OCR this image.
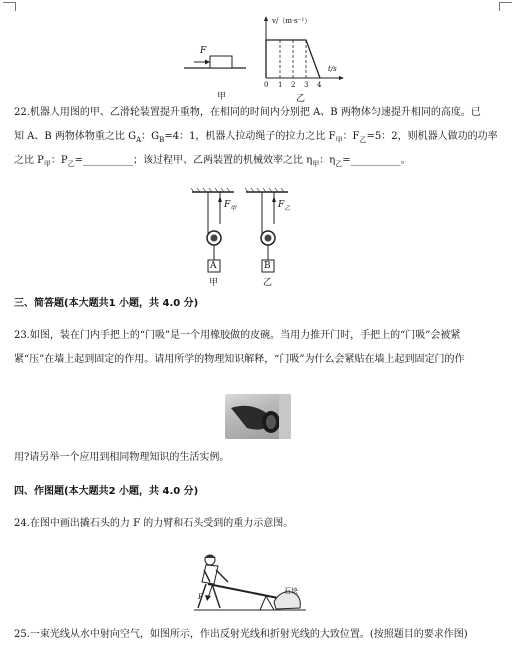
F
v/（m·s⁻¹）
t/s
0 1 2 3 4
甲	乙
22.机器人用图的甲、乙滑轮装置提升重物，在相同的时间内分别把 A、B 两物体匀速提升相同的高度。已
知 A、B 两物体物重之比 $G_A$：$G_B=4$：1，机器人拉动绳子的拉力之比 $F_甲$：$F_乙=5$：2，则机器人做功的功率
之比 $P_甲$：$P_乙=\_\_\_\_\_\_\_\_\_\_$；该过程甲、乙两装置的机械效率之比 $\eta_甲$：$\eta_乙=\_\_\_\_\_\_\_\_\_\_$。
$F_甲$	$F_乙$
A	B
甲	乙
三、简答题(本大题共1 小题，共 4.0 分)
23.如图，装在门内手把上的“门吸”是一个用橡胶做的皮碗。当用力推开门时，手把上的“门吸”会被紧
紧“压”在墙上起到固定的作用。请用所学的物理知识解释，“门吸”为什么会紧贴在墙上起到固定门的作
用?请另举一个应用到相同物理知识的生活实例。
四、作图题(本大题共2 小题，共 4.0 分)
24.在图中画出撬石头的力 F 的力臂和石头受到的重力示意图。
石块
F
25.一束光线从水中射向空气，如图所示，作出反射光线和折射光线的大致位置。(按照题目的要求作图)
